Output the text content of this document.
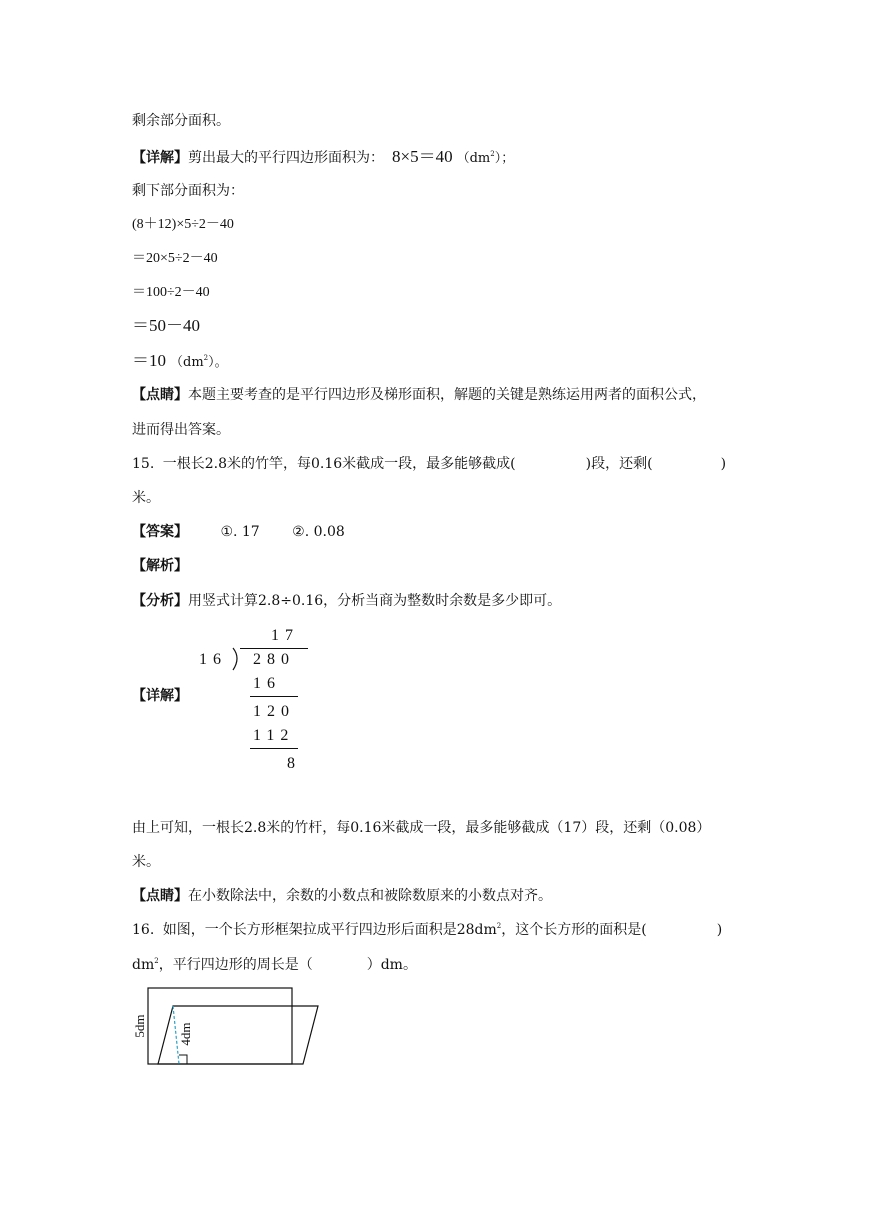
剩余部分面积。
【详解】剪出最大的平行四边形面积为： 8×5＝40 $(dm^2)$；
剩下部分面积为：
(8＋12)×5÷2－40
＝20×5÷2－40
＝100÷2－40
＝50－40
＝10 $(dm^2)$。
【点睛】本题主要考查的是平行四边形及梯形面积，解题的关键是熟练运用两者的面积公式，
进而得出答案。
15. 一根长2.8米的竹竿，每0.16米截成一段，最多能够截成(	)段，还剩(	)
米。
【答案】 ①. 17 ②. 0.08
【解析】
【分析】用竖式计算2.8÷0.16，分析当商为整数时余数是多少即可。
【详解】
17
16 280
16
120
112
8
由上可知，一根长2.8米的竹杆，每0.16米截成一段，最多能够截成（17）段，还剩（0.08）
米。
【点睛】在小数除法中，余数的小数点和被除数原来的小数点对齐。
16. 如图，一个长方形框架拉成平行四边形后面积是$28dm^2$，这个长方形的面积是(	)
$dm^2$，平行四边形的周长是（	）dm。
5dm 4dm
